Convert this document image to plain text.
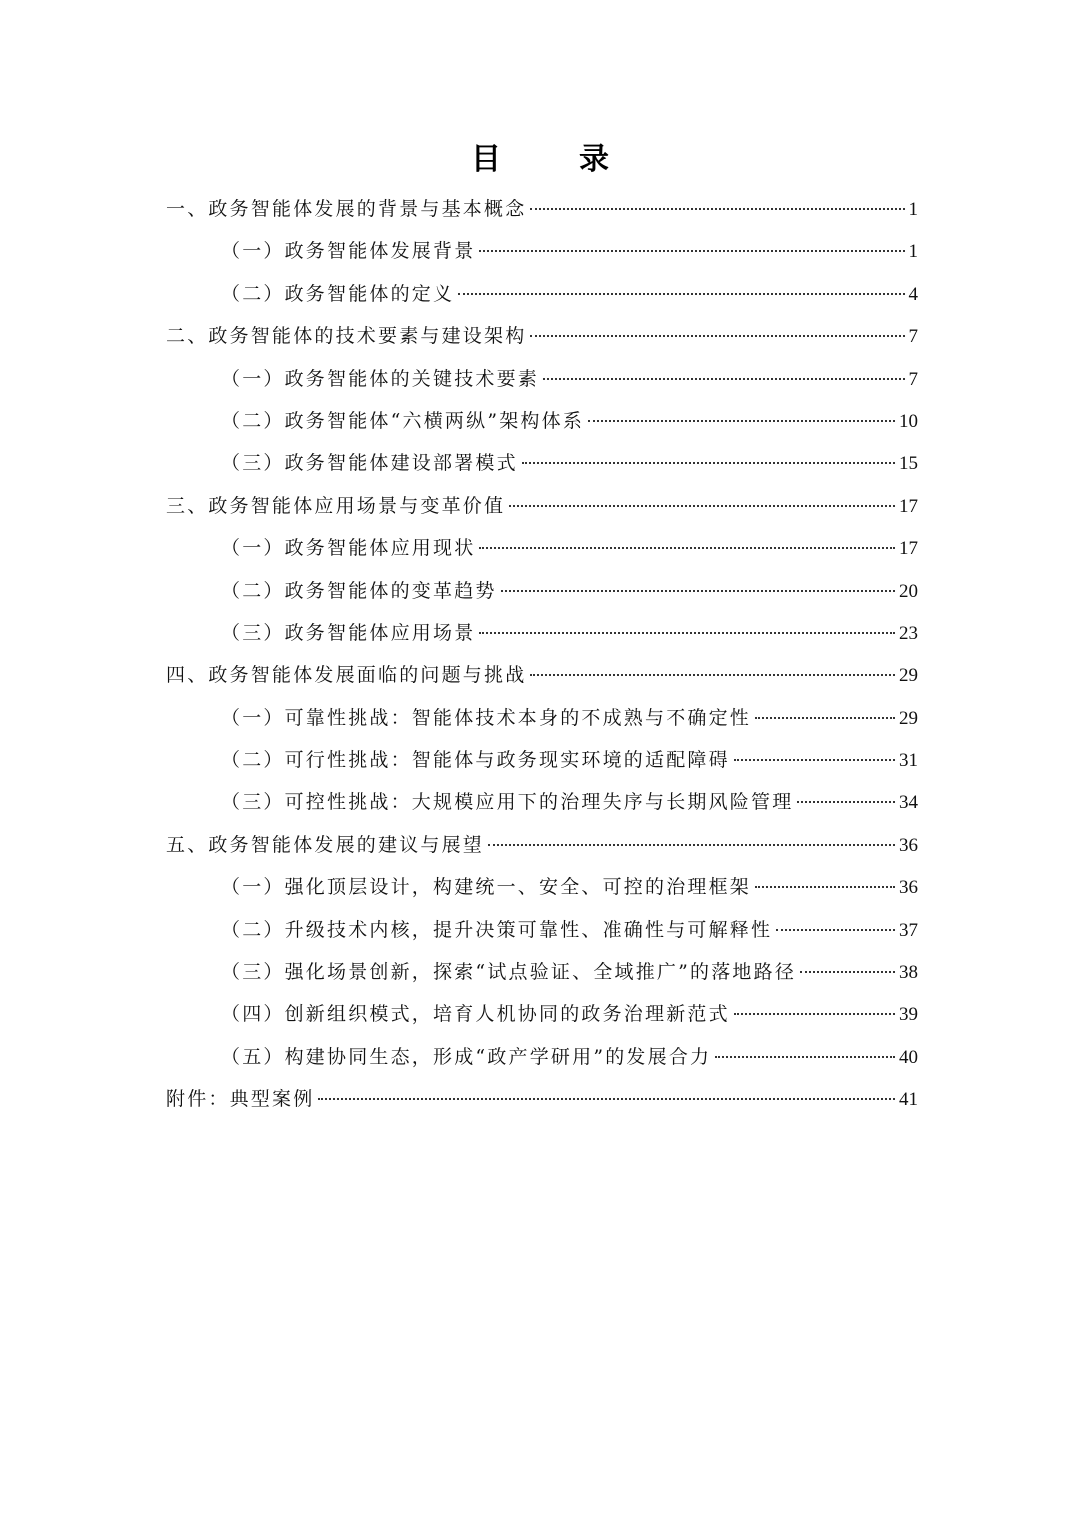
目　录
一、政务智能体发展的背景与基本概念	1
（一）政务智能体发展背景	1
（二）政务智能体的定义	4
二、政务智能体的技术要素与建设架构	7
（一）政务智能体的关键技术要素	7
（二）政务智能体“六横两纵”架构体系	10
（三）政务智能体建设部署模式	15
三、政务智能体应用场景与变革价值	17
（一）政务智能体应用现状	17
（二）政务智能体的变革趋势	20
（三）政务智能体应用场景	23
四、政务智能体发展面临的问题与挑战	29
（一）可靠性挑战：智能体技术本身的不成熟与不确定性	29
（二）可行性挑战：智能体与政务现实环境的适配障碍	31
（三）可控性挑战：大规模应用下的治理失序与长期风险管理	34
五、政务智能体发展的建议与展望	36
（一）强化顶层设计，构建统一、安全、可控的治理框架	36
（二）升级技术内核，提升决策可靠性、准确性与可解释性	37
（三）强化场景创新，探索“试点验证、全域推广”的落地路径	38
（四）创新组织模式，培育人机协同的政务治理新范式	39
（五）构建协同生态，形成“政产学研用”的发展合力	40
附件：典型案例	41
